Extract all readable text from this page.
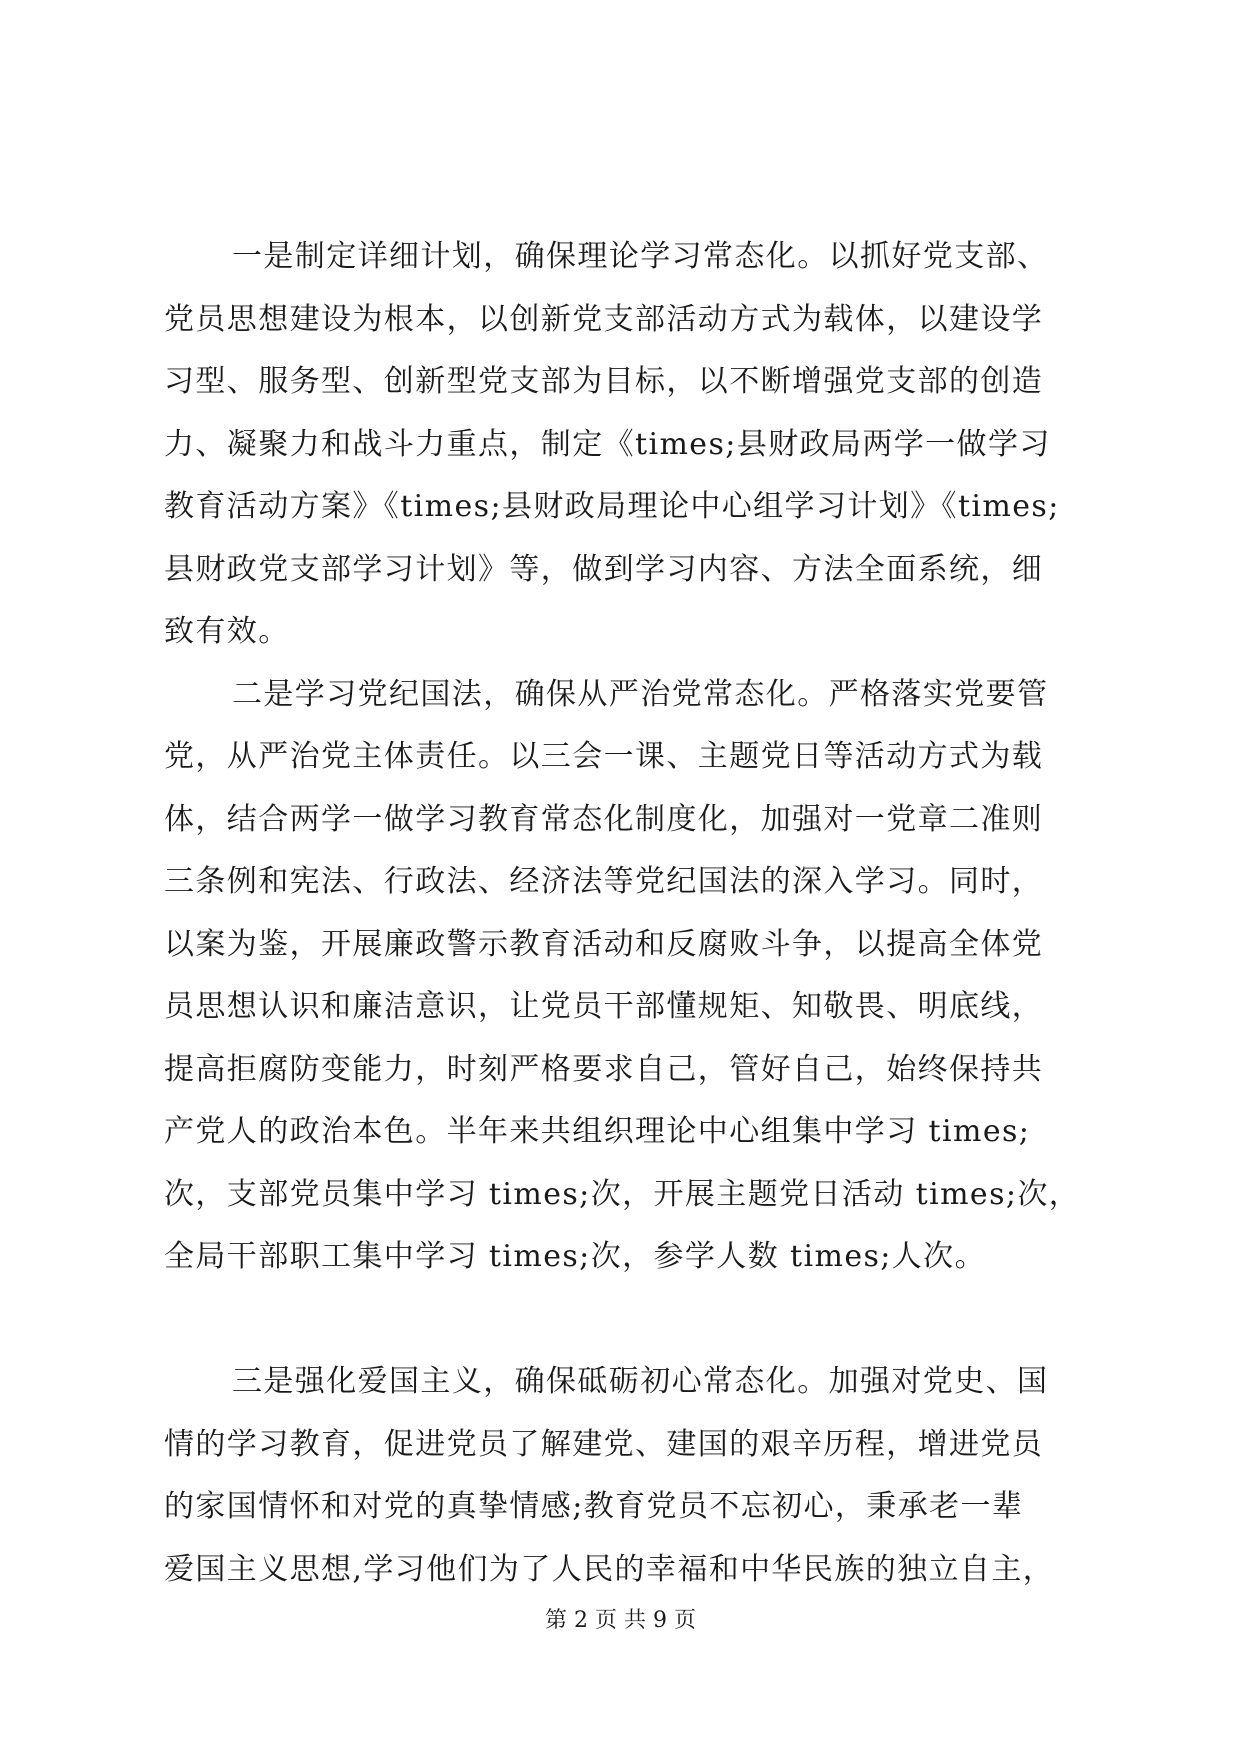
一是制定详细计划，确保理论学习常态化。以抓好党支部、
党员思想建设为根本，以创新党支部活动方式为载体，以建设学
习型、服务型、创新型党支部为目标，以不断增强党支部的创造
力、凝聚力和战斗力重点，制定《times;县财政局两学一做学习
教育活动方案》《times;县财政局理论中心组学习计划》《times;
县财政党支部学习计划》等，做到学习内容、方法全面系统，细
致有效。
二是学习党纪国法，确保从严治党常态化。严格落实党要管
党，从严治党主体责任。以三会一课、主题党日等活动方式为载
体，结合两学一做学习教育常态化制度化，加强对一党章二准则
三条例和宪法、行政法、经济法等党纪国法的深入学习。同时，
以案为鉴，开展廉政警示教育活动和反腐败斗争，以提高全体党
员思想认识和廉洁意识，让党员干部懂规矩、知敬畏、明底线，
提高拒腐防变能力，时刻严格要求自己，管好自己，始终保持共
产党人的政治本色。半年来共组织理论中心组集中学习 times;
次，支部党员集中学习 times;次，开展主题党日活动 times;次，
全局干部职工集中学习 times;次，参学人数 times;人次。
三是强化爱国主义，确保砥砺初心常态化。加强对党史、国
情的学习教育，促进党员了解建党、建国的艰辛历程，增进党员
的家国情怀和对党的真挚情感;教育党员不忘初心，秉承老一辈
爱国主义思想,学习他们为了人民的幸福和中华民族的独立自主，
第 2 页 共 9 页
